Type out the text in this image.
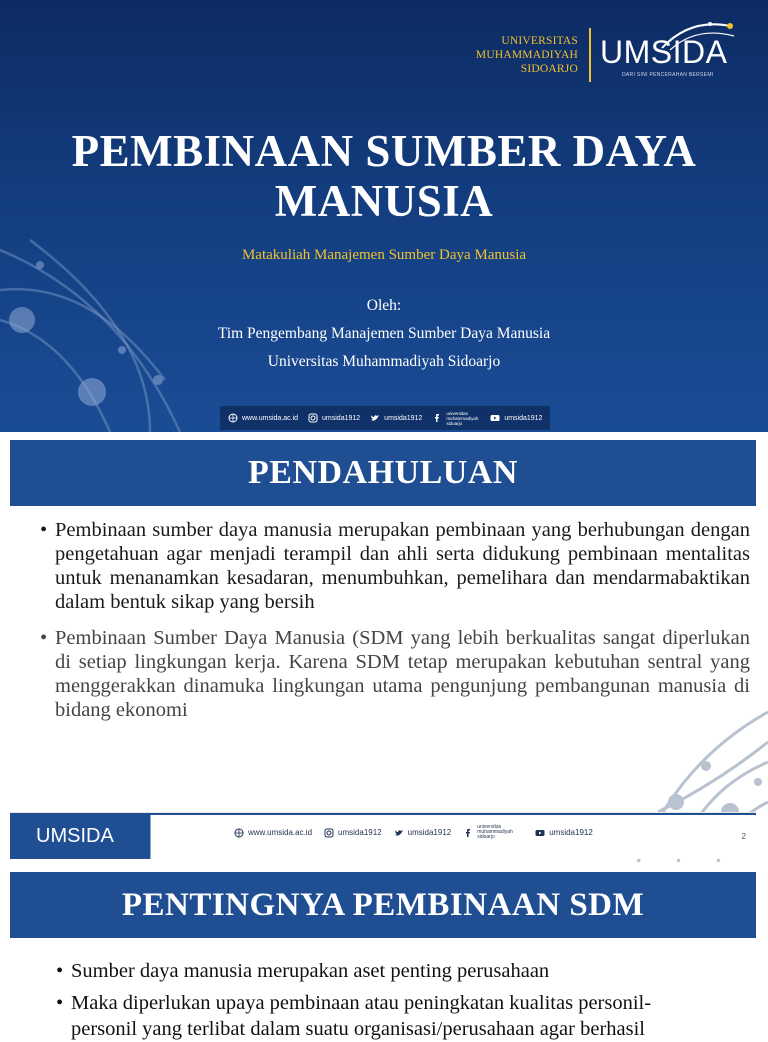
UNIVERSITAS
MUHAMMADIYAH
SIDOARJO UMSIDA
DARI SINI PENCERAHAN BERSEMI
PEMBINAAN SUMBER DAYA
MANUSIA
Matakuliah Manajemen Sumber Daya Manusia
Oleh:
Tim Pengembang Manajemen Sumber Daya Manusia
Universitas Muhammadiyah Sidoarjo
www.umsida.ac.id	umsida1912	umsida1912
universitas muhammadiyah sidoarjo
umsida1912
PENDAHULUAN

• Pembinaan sumber daya manusia merupakan pembinaan yang berhubungan dengan pengetahuan agar menjadi terampil dan ahli serta didukung pembinaan mentalitas untuk menanamkan kesadaran, menumbuhkan, pemelihara dan mendarmabaktikan dalam bentuk sikap yang bersih

• Pembinaan Sumber Daya Manusia (SDM yang lebih berkualitas sangat diperlukan di setiap lingkungan kerja. Karena SDM tetap merupakan kebutuhan sentral yang menggerakkan dinamuka lingkungan utama pengunjung pembangunan manusia di bidang ekonomi

UMSIDA	www.umsida.ac.id	umsida1912	umsida1912
universitas muhammadiyah sidoarjo	umsida1912	2
PENTINGNYA PEMBINAAN SDM

• Sumber daya manusia merupakan aset penting perusahaan

• Maka diperlukan upaya pembinaan atau peningkatan kualitas personil-personil yang terlibat dalam suatu organisasi/perusahaan agar berhasil
